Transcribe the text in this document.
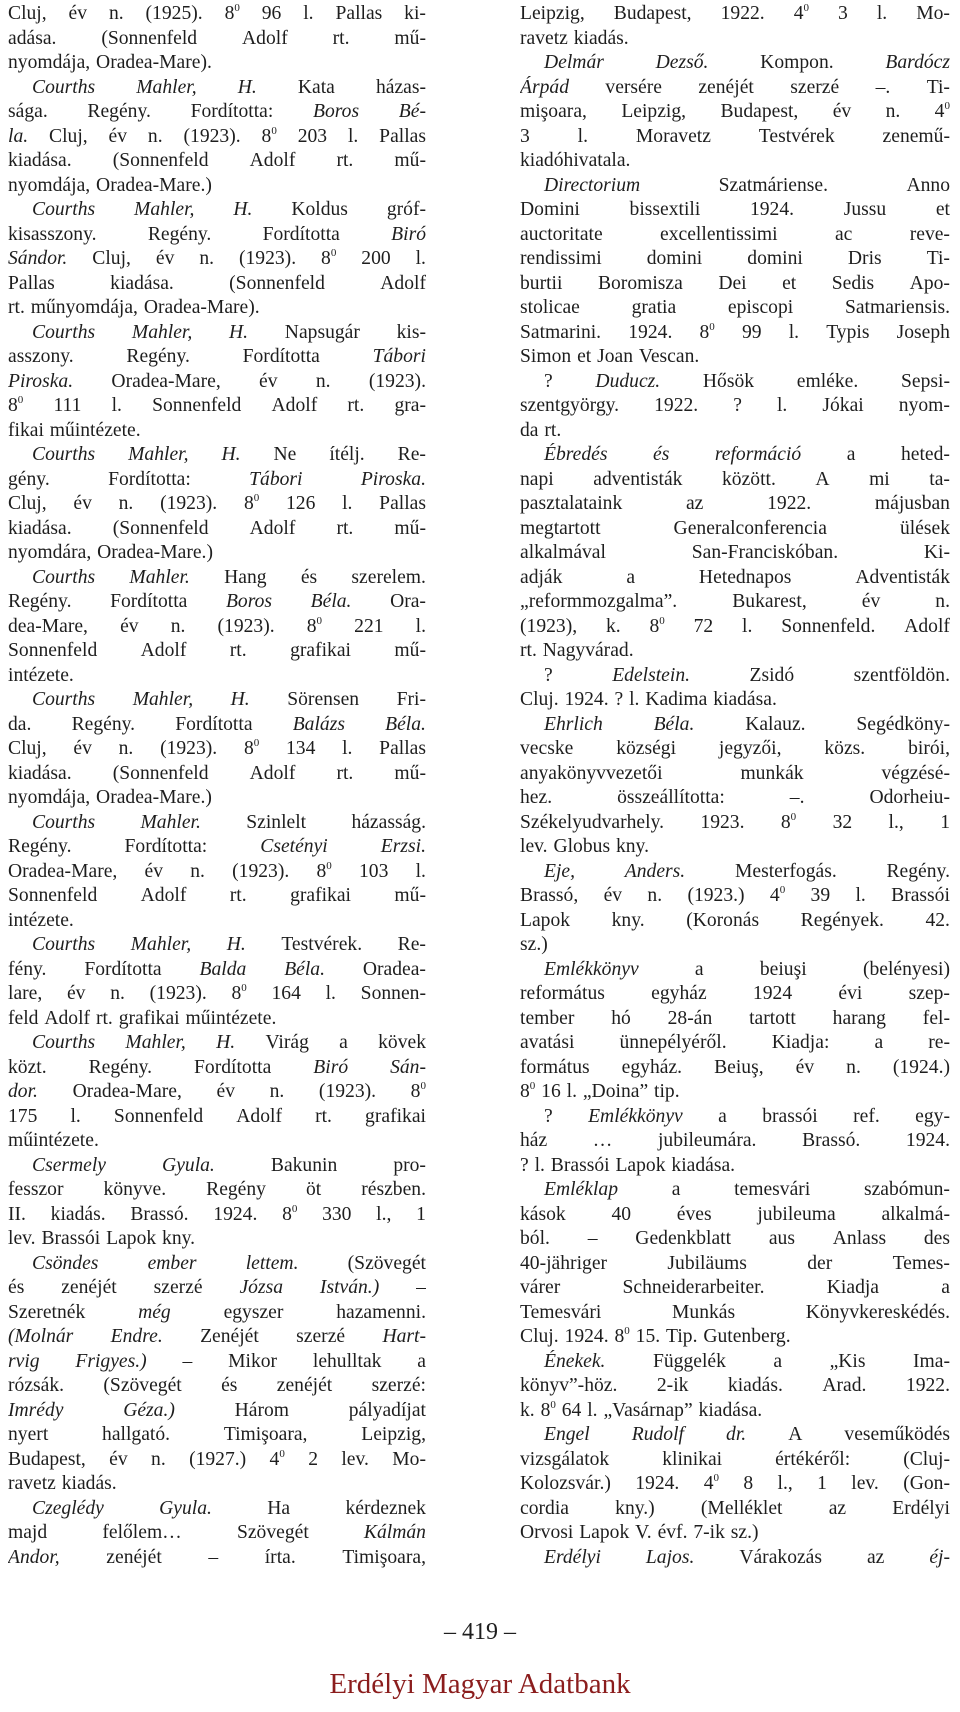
Cluj, év n. (1925). $8^0$ 96 l. Pallas ki-
adása. (Sonnenfeld Adolf rt. mű-
nyomdája, Oradea-Mare).
Courths Mahler, H. Kata házas-
sága. Regény. Fordította: Boros Bé-
la. Cluj, év n. (1923). $8^0$ 203 l. Pallas
kiadása. (Sonnenfeld Adolf rt. mű-
nyomdája, Oradea-Mare.)
Courths Mahler, H. Koldus gróf-
kisasszony.	Regény.	Fordította	Biró
Sándor. Cluj, év n. (1923). $8^0$ 200 l.
Pallas	kiadása.	(Sonnenfeld	Adolf
rt. műnyomdája, Oradea-Mare).
Courths Mahler, H. Napsugár kis-
asszony.	Regény.	Fordította	Tábori
Piroska. Oradea-Mare, év n. (1923).
$8^0$ 111 l. Sonnenfeld Adolf rt. gra-
fikai műintézete.
Courths Mahler, H. Ne ítélj. Re-
gény.	Fordította:	Tábori	Piroska.
Cluj, év n. (1923). $8^0$ 126 l. Pallas
kiadása. (Sonnenfeld Adolf rt. mű-
nyomdára, Oradea-Mare.)
Courths Mahler. Hang és szerelem.
Regény. Fordította Boros Béla. Ora-
dea-Mare, év n. (1923). $8^0$ 221 l.
Sonnenfeld Adolf rt. grafikai mű-
intézete.
Courths Mahler, H. Sörensen Fri-
da. Regény. Fordította Balázs Béla.
Cluj, év n. (1923). $8^0$ 134 l. Pallas
kiadása. (Sonnenfeld Adolf rt. mű-
nyomdája, Oradea-Mare.)
Courths Mahler. Szinlelt házasság.
Regény.	Fordította:	Csetényi	Erzsi.
Oradea-Mare, év n. (1923). $8^0$ 103 l.
Sonnenfeld Adolf rt. grafikai mű-
intézete.
Courths Mahler, H. Testvérek. Re-
fény. Fordította Balda Béla. Oradea-
lare, év n. (1923). $8^0$ 164 l. Sonnen-
feld Adolf rt. grafikai műintézete.
Courths Mahler, H. Virág a kövek
közt. Regény. Fordította Biró Sán-
dor. Oradea-Mare, év n. (1923). $8^0$
175 l. Sonnenfeld Adolf rt. grafikai
műintézete.
Csermely	Gyula.	Bakunin	pro-
fesszor könyve. Regény öt részben.
II. kiadás. Brassó. 1924. $8^0$ 330 l., 1
lev. Brassói Lapok kny.
Csöndes	ember	lettem.	(Szövegét
és zenéjét szerzé Józsa István.) –
Szeretnék	még	egyszer	hazamenni.
(Molnár Endre. Zenéjét szerzé Hart-
rvig Frigyes.) – Mikor lehulltak a
rózsák. (Szövegét és zenéjét szerzé:
Imrédy	Géza.)	Három	pályadíjat
nyert	hallgató.	Timişoara,	Leipzig,
Budapest, év n. (1927.) $4^0$ 2 lev. Mo-
ravetz kiadás.
Czeglédy	Gyula.	Ha	kérdeznek
majd	felőlem…	Szövegét	Kálmán
Andor, zenéjét – írta. Timişoara,
Leipzig, Budapest, 1922. $4^0$ 3 l. Mo-
ravetz kiadás.
Delmár	Dezső.	Kompon.	Bardócz
Árpád versére zenéjét szerzé –. Ti-
mişoara, Leipzig, Budapest, év n. $4^0$
3 l. Moravetz Testvérek zenemű-
kiadóhivatala.
Directorium	Szatmáriense.	Anno
Domini	bissextili	1924.	Jussu	et
auctoritate	excellentissimi	ac	reve-
rendissimi domini domini Dris Ti-
burtii Boromisza Dei et Sedis Apo-
stolicae	gratia	episcopi	Satmariensis.
Satmarini. 1924. $8^0$ 99 l. Typis Joseph
Simon et Joan Vescan.
? Duducz. Hősök emléke. Sepsi-
szentgyörgy. 1922. ? l. Jókai nyom-
da rt.
Ébredés és reformáció a heted-
napi adventisták között. A mi ta-
pasztalataink	az	1922.	májusban
megtartott	Generalconferencia	ülések
alkalmával	San-Franciskóban.	Ki-
adják	a	Hetednapos	Adventisták
„reformmozgalma”.	Bukarest,	év	n.
(1923), k. $8^0$ 72 l. Sonnenfeld. Adolf
rt. Nagyvárad.
?	Edelstein.	Zsidó	szentföldön.
Cluj. 1924. ? l. Kadima kiadása.
Ehrlich	Béla.	Kalauz.	Segédköny-
vecske községi jegyzői, közs. birói,
anyakönyvvezetői	munkák	végzésé-
hez.	összeállította:	–.	Odorheiu-
Székelyudvarhely. 1923. $8^0$ 32 l., 1
lev. Globus kny.
Eje,	Anders.	Mesterfogás.	Regény.
Brassó, év n. (1923.) $4^0$ 39 l. Brassói
Lapok kny. (Koronás Regények. 42.
sz.)
Emlékkönyv	a	beiuşi	(belényesi)
református egyház 1924 évi szep-
tember hó 28-án tartott harang fel-
avatási ünnepélyéről. Kiadja: a re-
formátus egyház. Beiuş, év n. (1924.)
$8^0$ 16 l. „Doina” tip.
? Emlékkönyv a brassói ref. egy-
ház … jubileumára. Brassó. 1924.
? l. Brassói Lapok kiadása.
Emléklap	a	temesvári	szabómun-
kások 40 éves jubileuma alkalmá-
ból. – Gedenkblatt aus Anlass des
40-jähriger	Jubiläums	der	Temes-
várer	Schneiderarbeiter.	Kiadja	a
Temesvári	Munkás	Könyvkereskédés.
Cluj. 1924. $8^0$ 15. Tip. Gutenberg.
Énekek. Függelék a „Kis Ima-
könyv”-höz. 2-ik kiadás. Arad. 1922.
k. $8^0$ 64 l. „Vasárnap” kiadása.
Engel Rudolf dr. A veseműködés
vizsgálatok	klinikai	értékéről:	(Cluj-
Kolozsvár.) 1924. $4^0$ 8 l., 1 lev. (Gon-
cordia kny.) (Melléklet az Erdélyi
Orvosi Lapok V. évf. 7-ik sz.)
Erdélyi Lajos. Várakozás az éj-
– 419 –
Erdélyi Magyar Adatbank
